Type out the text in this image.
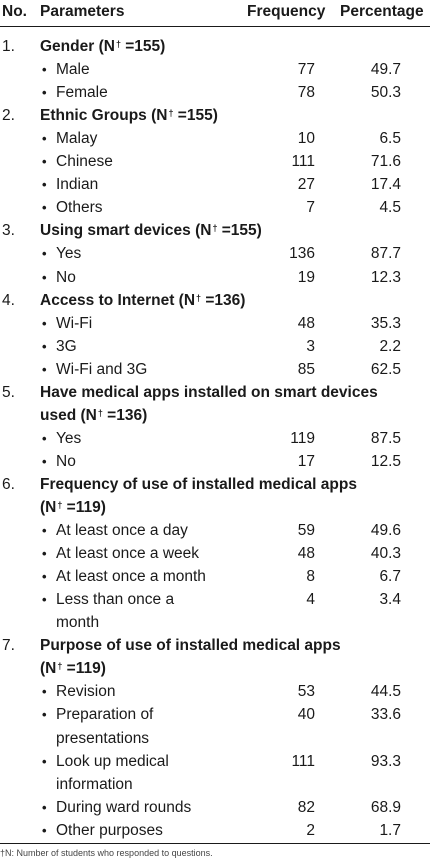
No. Parameters	Frequency Percentage
1. Gender (N† =155)
• Male	77	49.7
• Female	78	50.3
2. Ethnic Groups (N† =155)
• Malay	10	6.5
• Chinese	111	71.6
• Indian	27	17.4
• Others	7	4.5
3. Using smart devices (N† =155)
• Yes	136	87.7
• No	19	12.3
4. Access to Internet (N† =136)
• Wi-Fi	48	35.3
• 3G	3	2.2
• Wi-Fi and 3G	85	62.5
5. Have medical apps installed on smart devices
used (N† =136)
• Yes	119	87.5
• No	17	12.5
6. Frequency of use of installed medical apps
(N† =119)
• At least once a day	59	49.6
• At least once a week	48	40.3
• At least once a month	8	6.7
• Less than once a	4	3.4
month
7. Purpose of use of installed medical apps
(N† =119)
• Revision	53	44.5
• Preparation of	40	33.6
presentations
• Look up medical	111	93.3
information
• During ward rounds	82	68.9
• Other purposes	2	1.7
†N: Number of students who responded to questions.
